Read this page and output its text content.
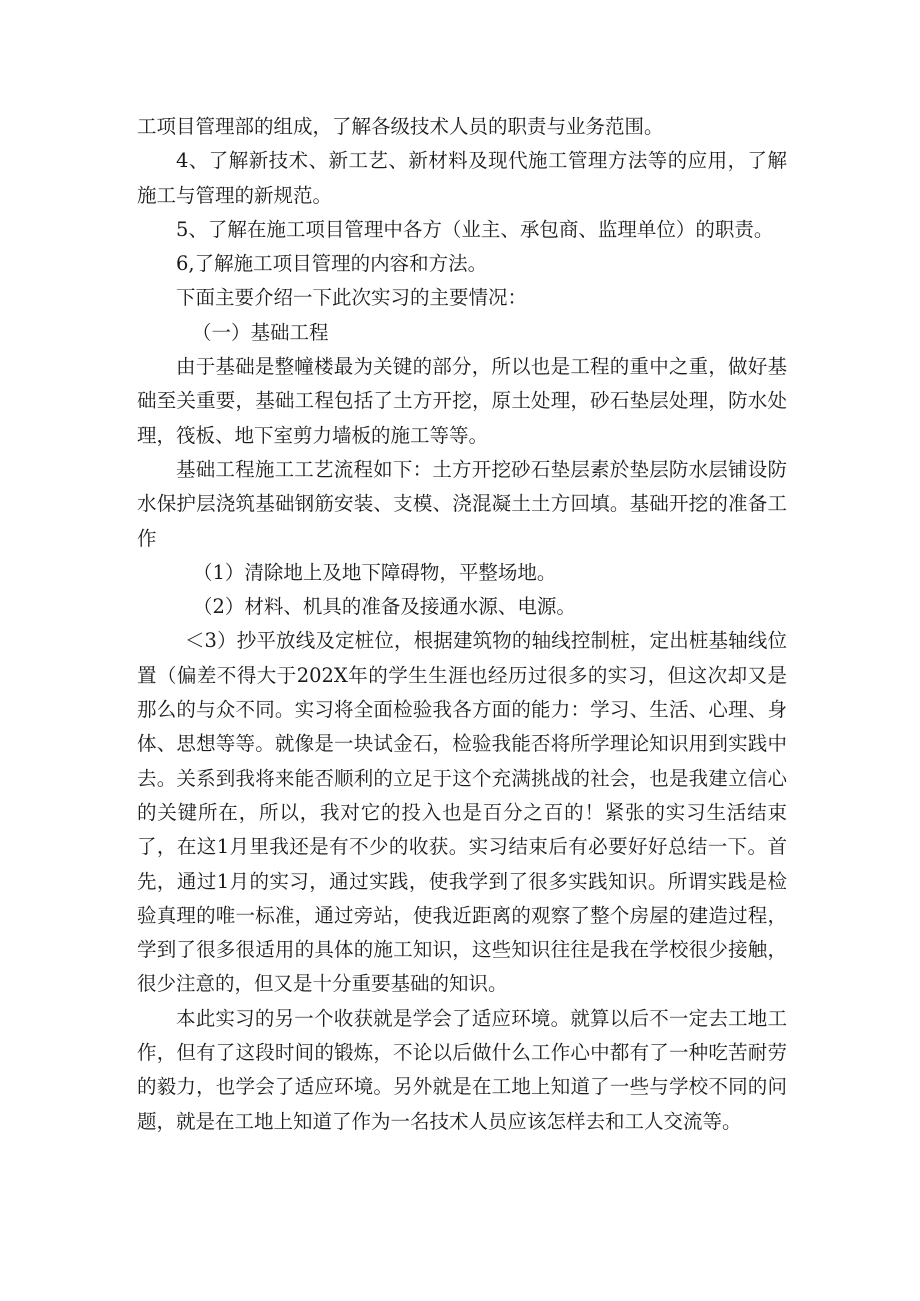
工项目管理部的组成，了解各级技术人员的职责与业务范围。

4、了解新技术、新工艺、新材料及现代施工管理方法等的应用，了解施工与管理的新规范。

5、了解在施工项目管理中各方（业主、承包商、监理单位）的职责。

6,了解施工项目管理的内容和方法。

下面主要介绍一下此次实习的主要情况：

（一）基础工程

由于基础是整幢楼最为关键的部分，所以也是工程的重中之重，做好基础至关重要，基础工程包括了土方开挖，原土处理，砂石垫层处理，防水处理，筏板、地下室剪力墙板的施工等等。

基础工程施工工艺流程如下：土方开挖砂石垫层素於垫层防水层铺设防水保护层浇筑基础钢筋安装、支模、浇混凝土土方回填。基础开挖的准备工作

（1）清除地上及地下障碍物，平整场地。

（2）材料、机具的准备及接通水源、电源。

＜3）抄平放线及定桩位，根据建筑物的轴线控制桩，定出桩基轴线位置（偏差不得大于202X年的学生生涯也经历过很多的实习，但这次却又是那么的与众不同。实习将全面检验我各方面的能力：学习、生活、心理、身体、思想等等。就像是一块试金石，检验我能否将所学理论知识用到实践中去。关系到我将来能否顺利的立足于这个充满挑战的社会，也是我建立信心的关键所在，所以，我对它的投入也是百分之百的！紧张的实习生活结束了，在这1月里我还是有不少的收获。实习结束后有必要好好总结一下。首先，通过1月的实习，通过实践，使我学到了很多实践知识。所谓实践是检验真理的唯一标准，通过旁站，使我近距离的观察了整个房屋的建造过程，学到了很多很适用的具体的施工知识，这些知识往往是我在学校很少接触，很少注意的，但又是十分重要基础的知识。

本此实习的另一个收获就是学会了适应环境。就算以后不一定去工地工作，但有了这段时间的锻炼，不论以后做什么工作心中都有了一种吃苦耐劳的毅力，也学会了适应环境。另外就是在工地上知道了一些与学校不同的问题，就是在工地上知道了作为一名技术人员应该怎样去和工人交流等。
